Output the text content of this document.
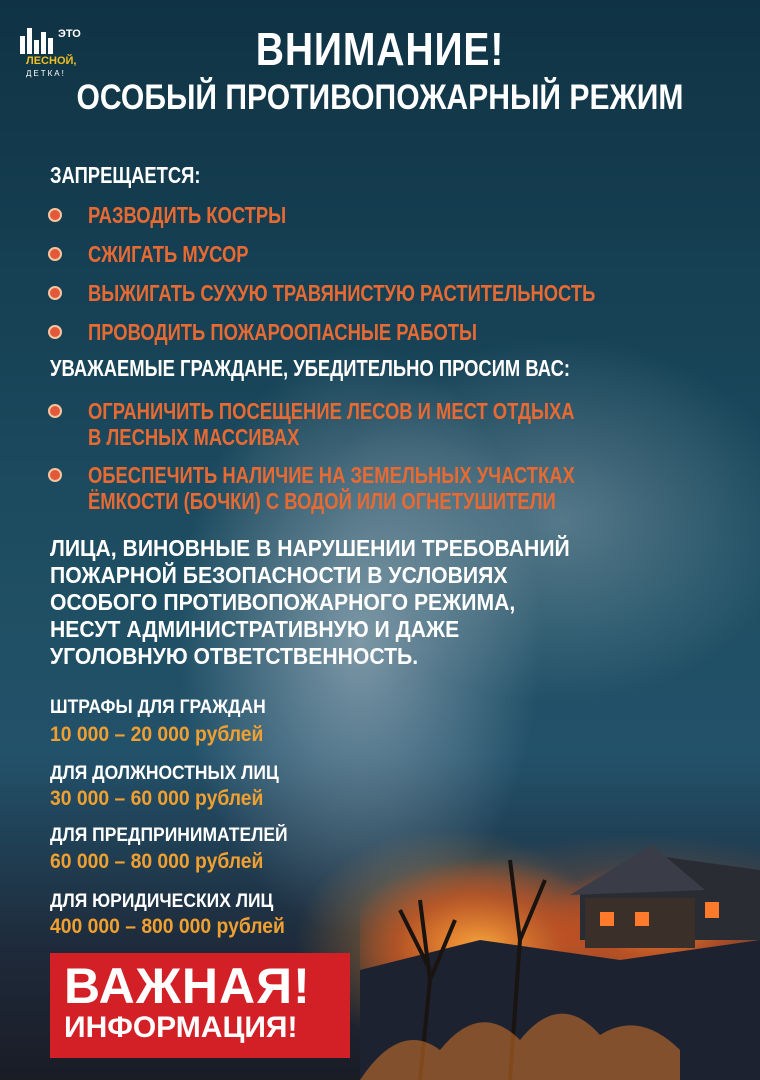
ЭТО
ЛЕСНОЙ,
ДЕТКА!	ВНИМАНИЕ!
ОСОБЫЙ ПРОТИВОПОЖАРНЫЙ РЕЖИМ
ЗАПРЕЩАЕТСЯ:
РАЗВОДИТЬ КОСТРЫ
СЖИГАТЬ МУСОР
ВЫЖИГАТЬ СУХУЮ ТРАВЯНИСТУЮ РАСТИТЕЛЬНОСТЬ
ПРОВОДИТЬ ПОЖАРООПАСНЫЕ РАБОТЫ
УВАЖАЕМЫЕ ГРАЖДАНЕ, УБЕДИТЕЛЬНО ПРОСИМ ВАС:
ОГРАНИЧИТЬ ПОСЕЩЕНИЕ ЛЕСОВ И МЕСТ ОТДЫХА
В ЛЕСНЫХ МАССИВАХ
ОБЕСПЕЧИТЬ НАЛИЧИЕ НА ЗЕМЕЛЬНЫХ УЧАСТКАХ
ЁМКОСТИ (БОЧКИ) С ВОДОЙ ИЛИ ОГНЕТУШИТЕЛИ
ЛИЦА, ВИНОВНЫЕ В НАРУШЕНИИ ТРЕБОВАНИЙ
ПОЖАРНОЙ БЕЗОПАСНОСТИ В УСЛОВИЯХ
ОСОБОГО ПРОТИВОПОЖАРНОГО РЕЖИМА,
НЕСУТ АДМИНИСТРАТИВНУЮ И ДАЖЕ
УГОЛОВНУЮ ОТВЕТСТВЕННОСТЬ.
ШТРАФЫ ДЛЯ ГРАЖДАН
10 000 – 20 000 рублей
ДЛЯ ДОЛЖНОСТНЫХ ЛИЦ
30 000 – 60 000 рублей
ДЛЯ ПРЕДПРИНИМАТЕЛЕЙ
60 000 – 80 000 рублей
ДЛЯ ЮРИДИЧЕСКИХ ЛИЦ
400 000 – 800 000 рублей
ВАЖНАЯ!
ИНФОРМАЦИЯ!
